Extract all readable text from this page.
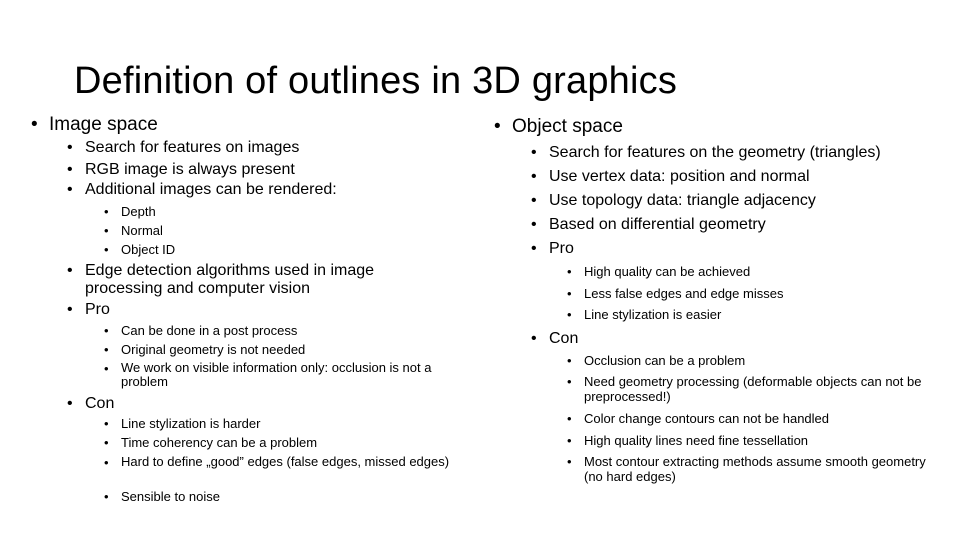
Definition of outlines in 3D graphics
• Image space
• Search for features on images
• RGB image is always present
• Additional images can be rendered:
• Depth
• Normal
• Object ID
• Edge detection algorithms used in image processing and computer vision
• Pro
• Can be done in a post process
• Original geometry is not needed
• We work on visible information only: occlusion is not a problem
• Con
• Line stylization is harder
• Time coherency can be a problem
• Hard to define „good” edges (false edges, missed edges)
• Sensible to noise
• Object space
• Search for features on the geometry (triangles)
• Use vertex data: position and normal
• Use topology data: triangle adjacency
• Based on differential geometry
• Pro
• High quality can be achieved
• Less false edges and edge misses
• Line stylization is easier
• Con
• Occlusion can be a problem
• Need geometry processing (deformable objects can not be preprocessed!)
• Color change contours can not be handled
• High quality lines need fine tessellation
• Most contour extracting methods assume smooth geometry (no hard edges)
